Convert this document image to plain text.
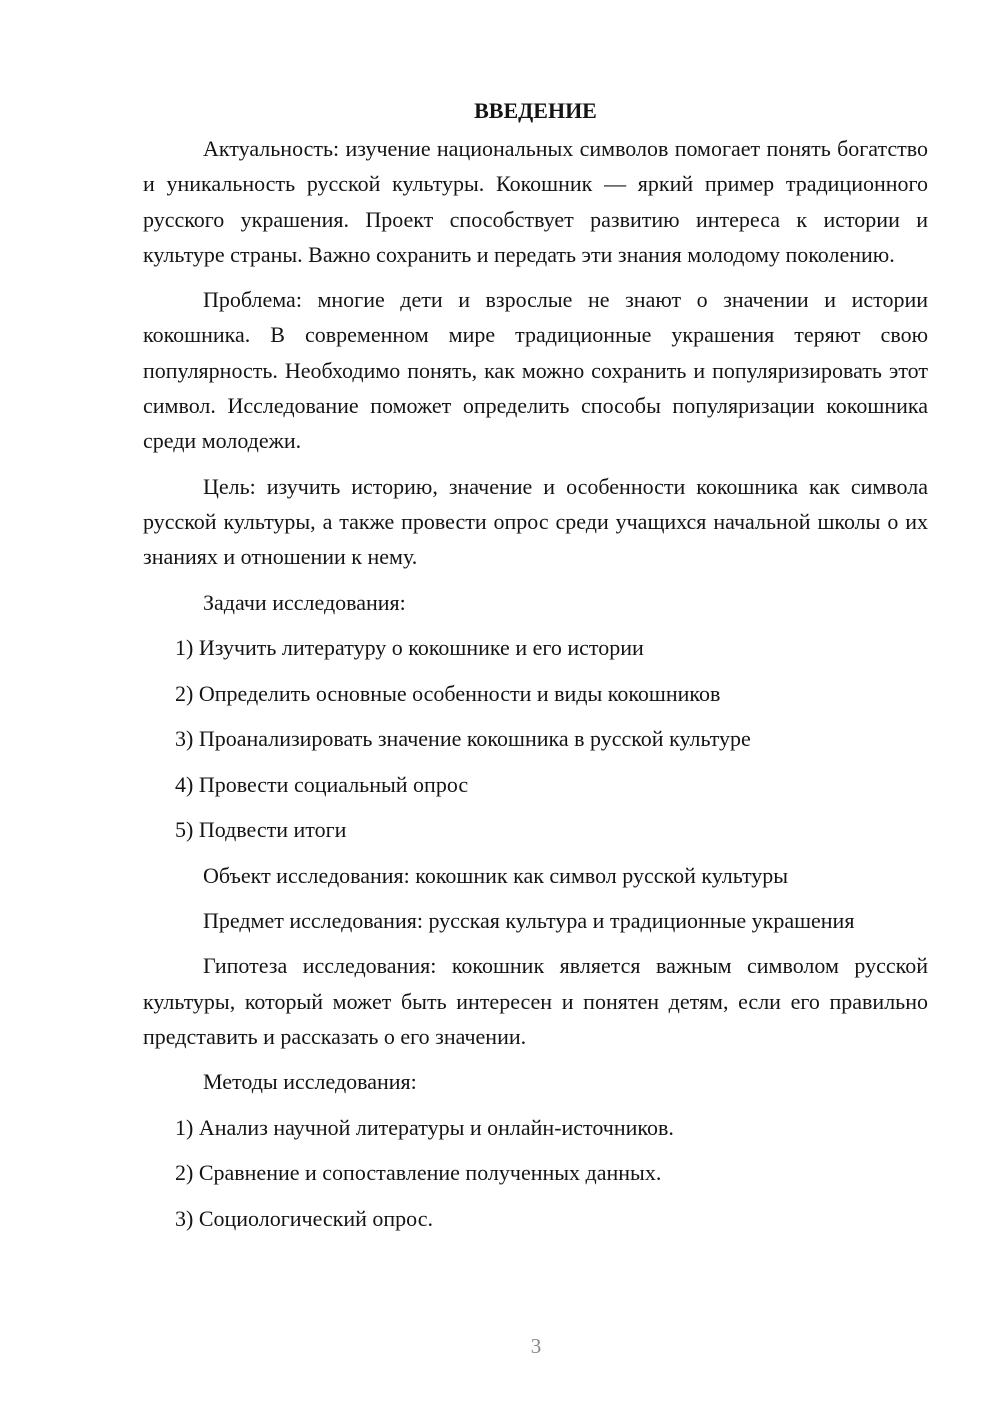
ВВЕДЕНИЕ

Актуальность: изучение национальных символов помогает понять богатство и уникальность русской культуры. Кокошник — яркий пример традиционного русского украшения. Проект способствует развитию интереса к истории и культуре страны. Важно сохранить и передать эти знания молодому поколению.

Проблема: многие дети и взрослые не знают о значении и истории кокошника. В современном мире традиционные украшения теряют свою популярность. Необходимо понять, как можно сохранить и популяризировать этот символ. Исследование поможет определить способы популяризации кокошника среди молодежи.

Цель: изучить историю, значение и особенности кокошника как символа русской культуры, а также провести опрос среди учащихся начальной школы о их знаниях и отношении к нему.

Задачи исследования:

1) Изучить литературу о кокошнике и его истории

2) Определить основные особенности и виды кокошников

3) Проанализировать значение кокошника в русской культуре

4) Провести социальный опрос

5) Подвести итоги

Объект исследования: кокошник как символ русской культуры

Предмет исследования: русская культура и традиционные украшения

Гипотеза исследования: кокошник является важным символом русской культуры, который может быть интересен и понятен детям, если его правильно представить и рассказать о его значении.

Методы исследования:

1) Анализ научной литературы и онлайн-источников.

2) Сравнение и сопоставление полученных данных.

3) Социологический опрос.

3
